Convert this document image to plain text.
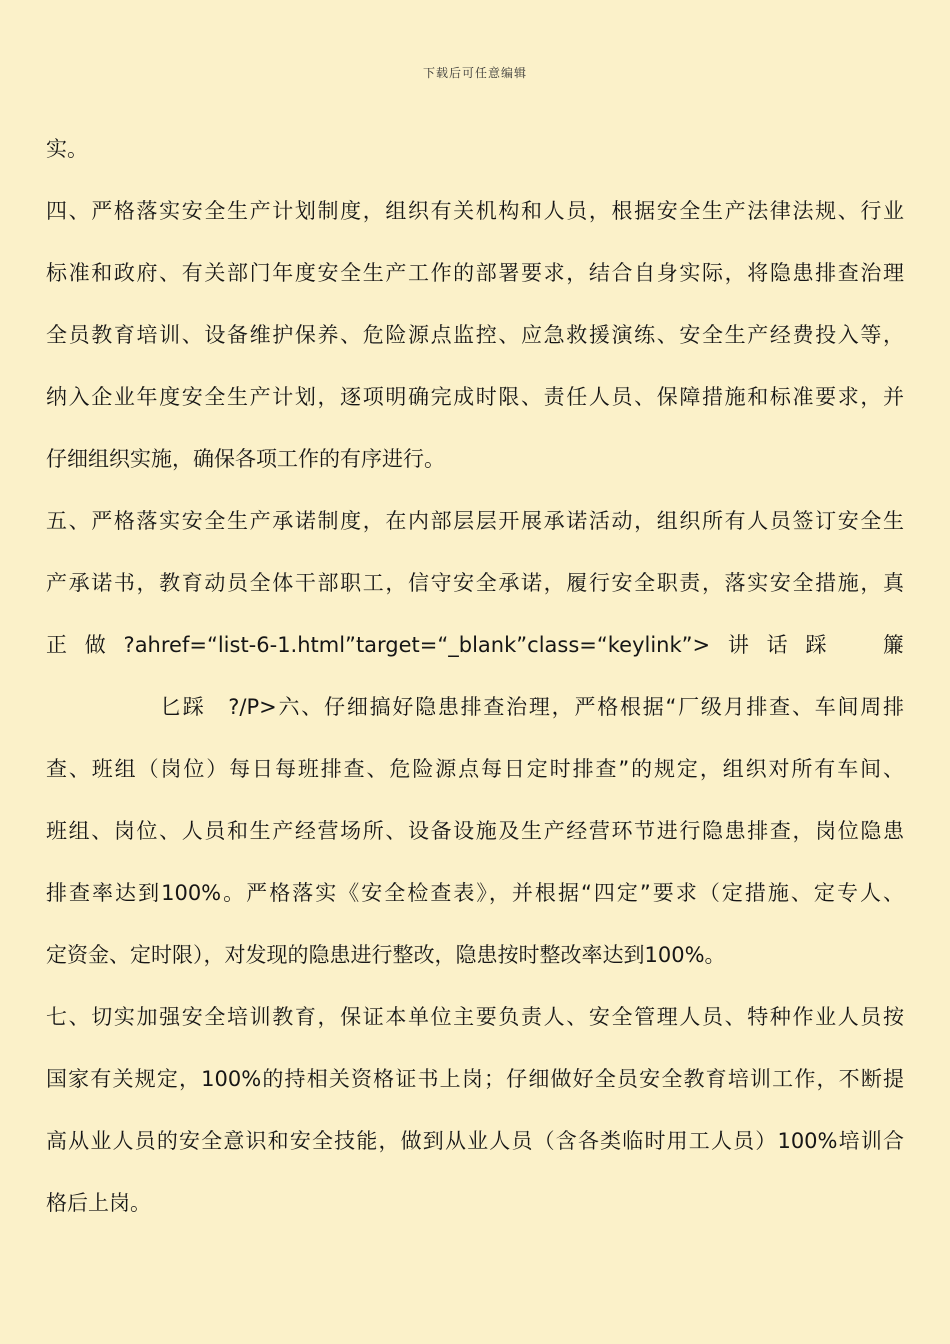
下载后可任意编辑
实。
四、严格落实安全生产计划制度，组织有关机构和人员，根据安全生产法律法规、行业
标准和政府、有关部门年度安全生产工作的部署要求，结合自身实际，将隐患排查治理
全员教育培训、设备维护保养、危险源点监控、应急救援演练、安全生产经费投入等，
纳入企业年度安全生产计划，逐项明确完成时限、责任人员、保障措施和标准要求，并
仔细组织实施，确保各项工作的有序进行。
五、严格落实安全生产承诺制度，在内部层层开展承诺活动，组织所有人员签订安全生
产承诺书，教育动员全体干部职工，信守安全承诺，履行安全职责，落实安全措施，真
正做?ahref=“list-6-1.html”target=“_blank”class=“keylink”>讲话踩　簾
匕踩　?/P>六、仔细搞好隐患排查治理，严格根据“厂级月排查、车间周排
查、班组（岗位）每日每班排查、危险源点每日定时排查”的规定，组织对所有车间、
班组、岗位、人员和生产经营场所、设备设施及生产经营环节进行隐患排查，岗位隐患
排查率达到100%。严格落实《安全检查表》，并根据“四定”要求（定措施、定专人、
定资金、定时限），对发现的隐患进行整改，隐患按时整改率达到100%。
七、切实加强安全培训教育，保证本单位主要负责人、安全管理人员、特种作业人员按
国家有关规定，100%的持相关资格证书上岗；仔细做好全员安全教育培训工作，不断提
高从业人员的安全意识和安全技能，做到从业人员（含各类临时用工人员）100%培训合
格后上岗。
